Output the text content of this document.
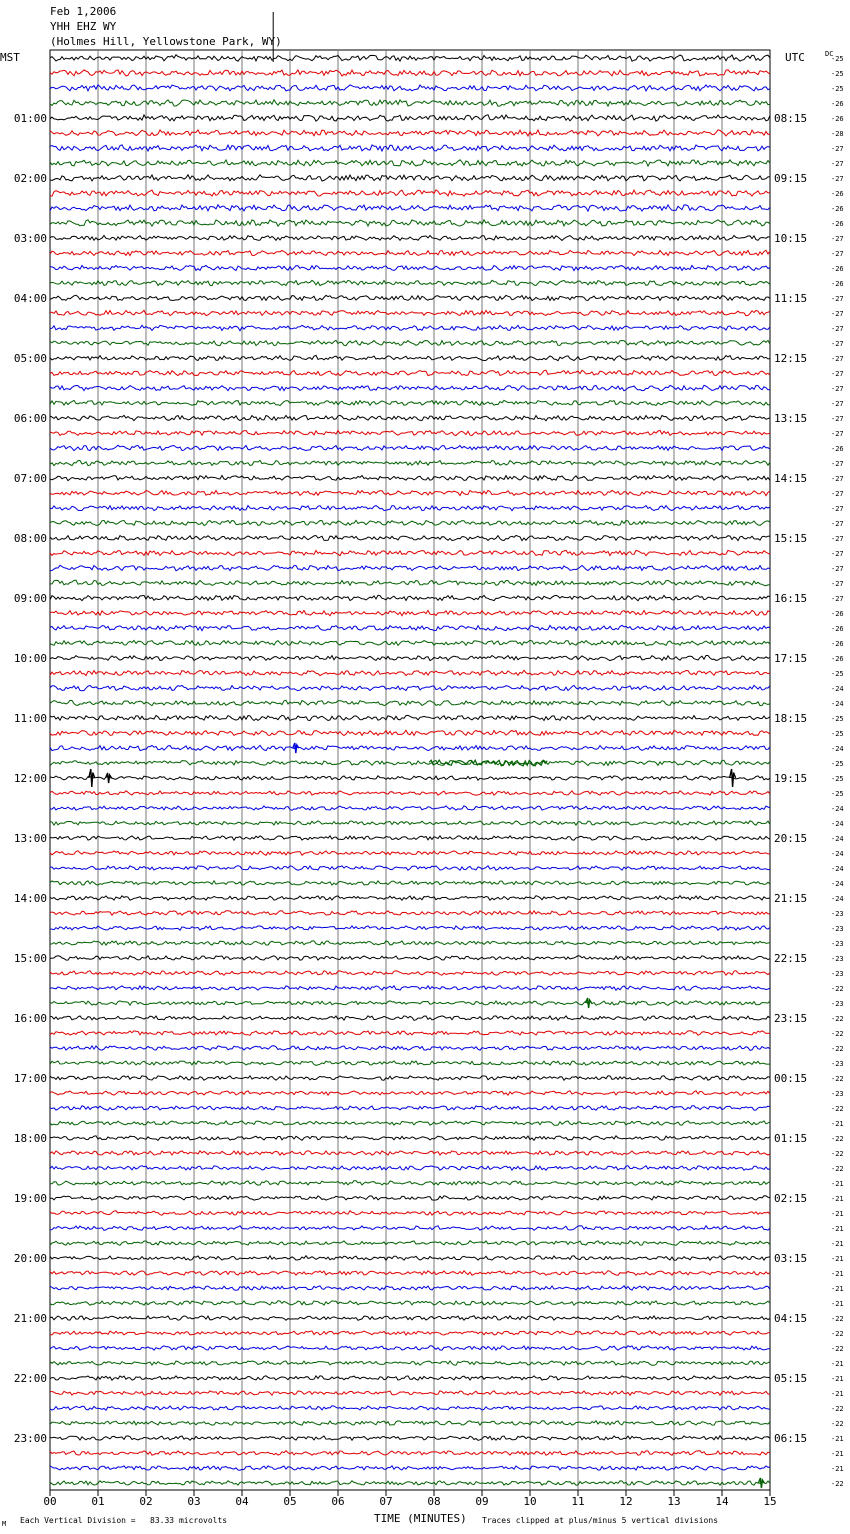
00	01	02	03	04	05	06	07	08	09	10	11	12	13	14	15
01:00
02:00
03:00
04:00
05:00
06:00
07:00
08:00
09:00
10:00
11:00
12:00
13:00
14:00
15:00
16:00
17:00
18:00
19:00
20:00
21:00
22:00
23:00
08:15
09:15
10:15
11:15
12:15
13:15
14:15
15:15
16:15
17:15
18:15
19:15
20:15
21:15
22:15
23:15
00:15
01:15
02:15
03:15
04:15
05:15
06:15
-25
-25
-25
-26
-26
-28
-27
-27
-27
-26
-26
-26
-27
-27
-26
-26
-27
-27
-27
-27
-27
-27
-27
-27
-27
-27
-26
-27
-27
-27
-27
-27
-27
-27
-27
-27
-27
-26
-26
-26
-26
-25
-24
-24
-25
-25
-24
-25
-25
-25
-24
-24
-24
-24
-24
-24
-24
-23
-23
-23
-23
-23
-22
-23
-22
-22
-22
-23
-22
-23
-22
-21
-22
-22
-22
-21
-21
-21
-21
-21
-21
-21
-21
-21
-22
-22
-22
-21
-21
-21
-22
-22
-21
-21
-21
-22
Feb 1,2006
YHH EHZ WY
(Holmes Hill, Yellowstone Park, WY)
MST	UTC	DC
TIME (MINUTES)
Each Vertical Division =   83.33 microvolts	Traces clipped at plus/minus 5 vertical divisions
M
